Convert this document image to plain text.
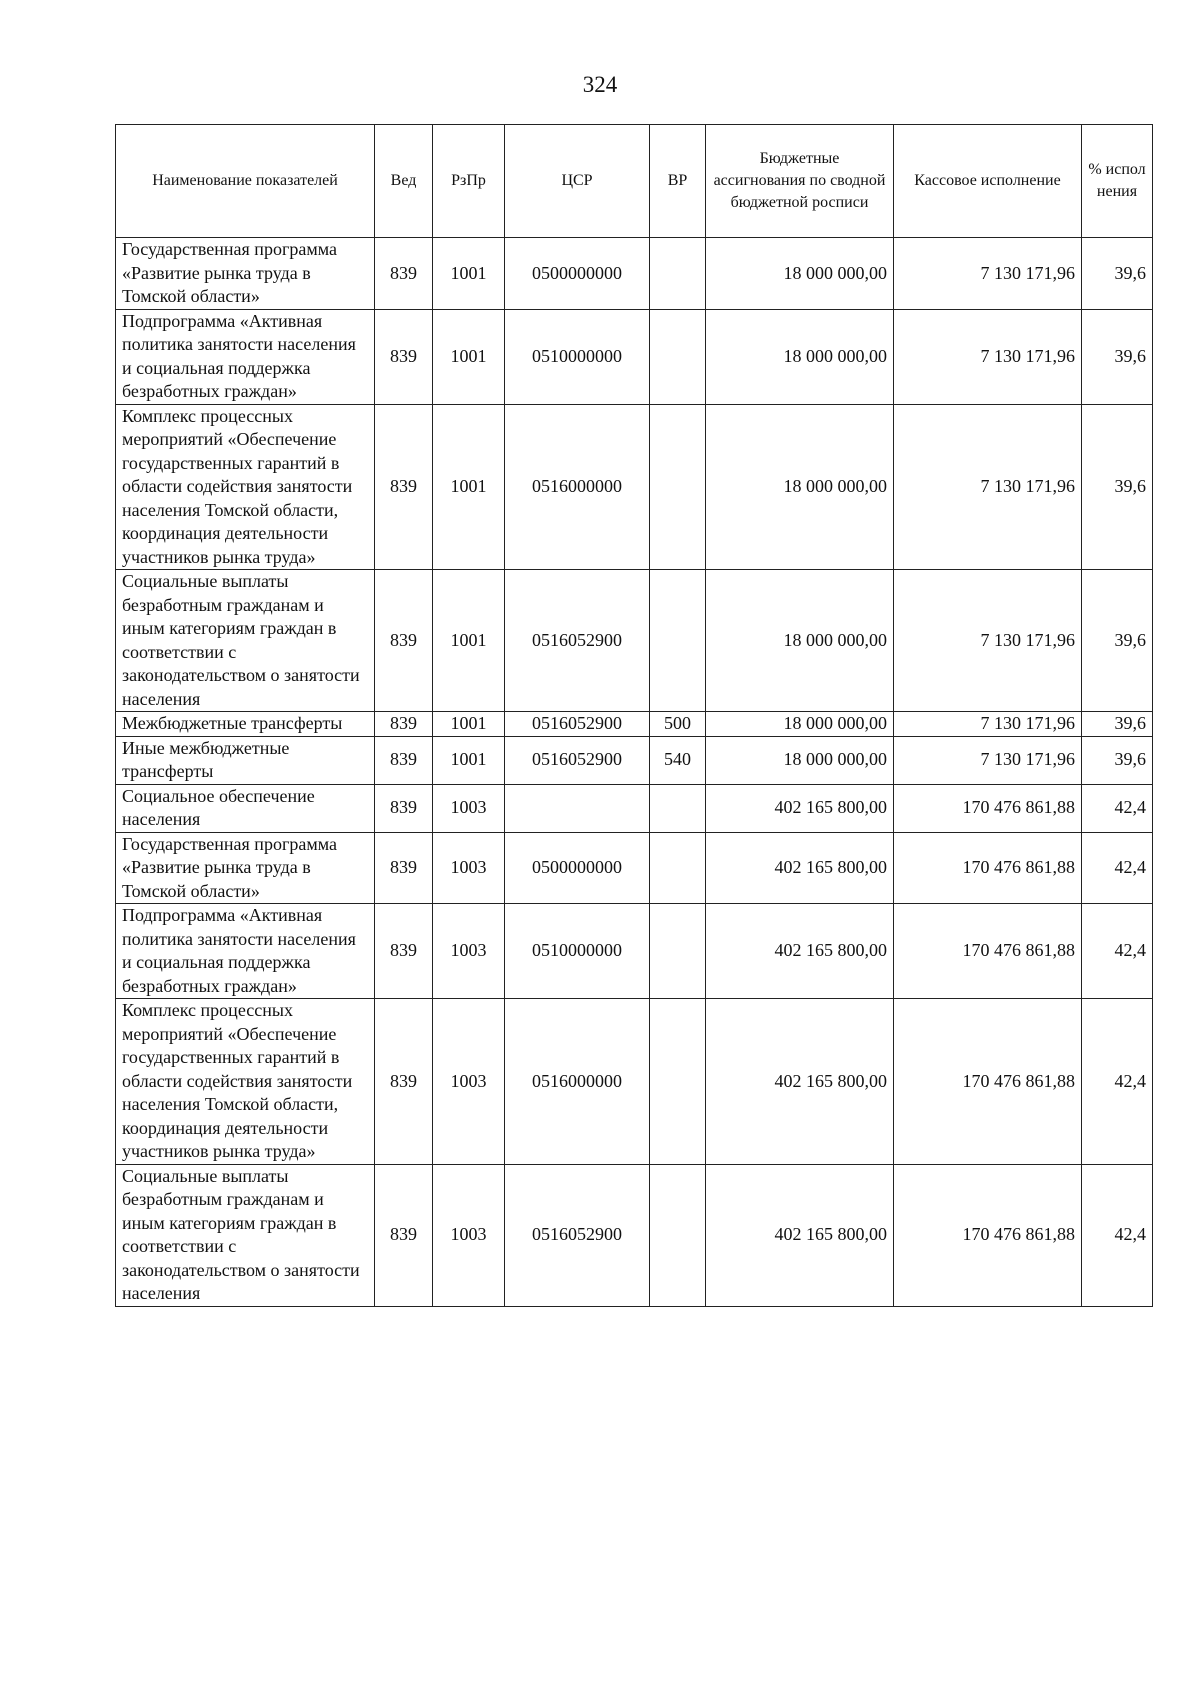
324
Наименование показателей	Вед	РзПр	ЦСР	ВР	Бюджетные ассигнования по сводной бюджетной росписи	Кассовое исполнение	% испол нения
Государственная программа «Развитие рынка труда в Томской области»	839	1001	0500000000		18 000 000,00	7 130 171,96	39,6
Подпрограмма «Активная политика занятости населения и социальная поддержка безработных граждан»	839	1001	0510000000		18 000 000,00	7 130 171,96	39,6
Комплекс процессных мероприятий «Обеспечение государственных гарантий в области содействия занятости населения Томской области, координация деятельности участников рынка труда»	839	1001	0516000000		18 000 000,00	7 130 171,96	39,6
Социальные выплаты безработным гражданам и иным категориям граждан в соответствии с законодательством о занятости населения	839	1001	0516052900		18 000 000,00	7 130 171,96	39,6
Межбюджетные трансферты	839	1001	0516052900	500	18 000 000,00	7 130 171,96	39,6
Иные межбюджетные трансферты	839	1001	0516052900	540	18 000 000,00	7 130 171,96	39,6
Социальное обеспечение населения	839	1003			402 165 800,00	170 476 861,88	42,4
Государственная программа «Развитие рынка труда в Томской области»	839	1003	0500000000		402 165 800,00	170 476 861,88	42,4
Подпрограмма «Активная политика занятости населения и социальная поддержка безработных граждан»	839	1003	0510000000		402 165 800,00	170 476 861,88	42,4
Комплекс процессных мероприятий «Обеспечение государственных гарантий в области содействия занятости населения Томской области, координация деятельности участников рынка труда»	839	1003	0516000000		402 165 800,00	170 476 861,88	42,4
Социальные выплаты безработным гражданам и иным категориям граждан в соответствии с законодательством о занятости населения	839	1003	0516052900		402 165 800,00	170 476 861,88	42,4
